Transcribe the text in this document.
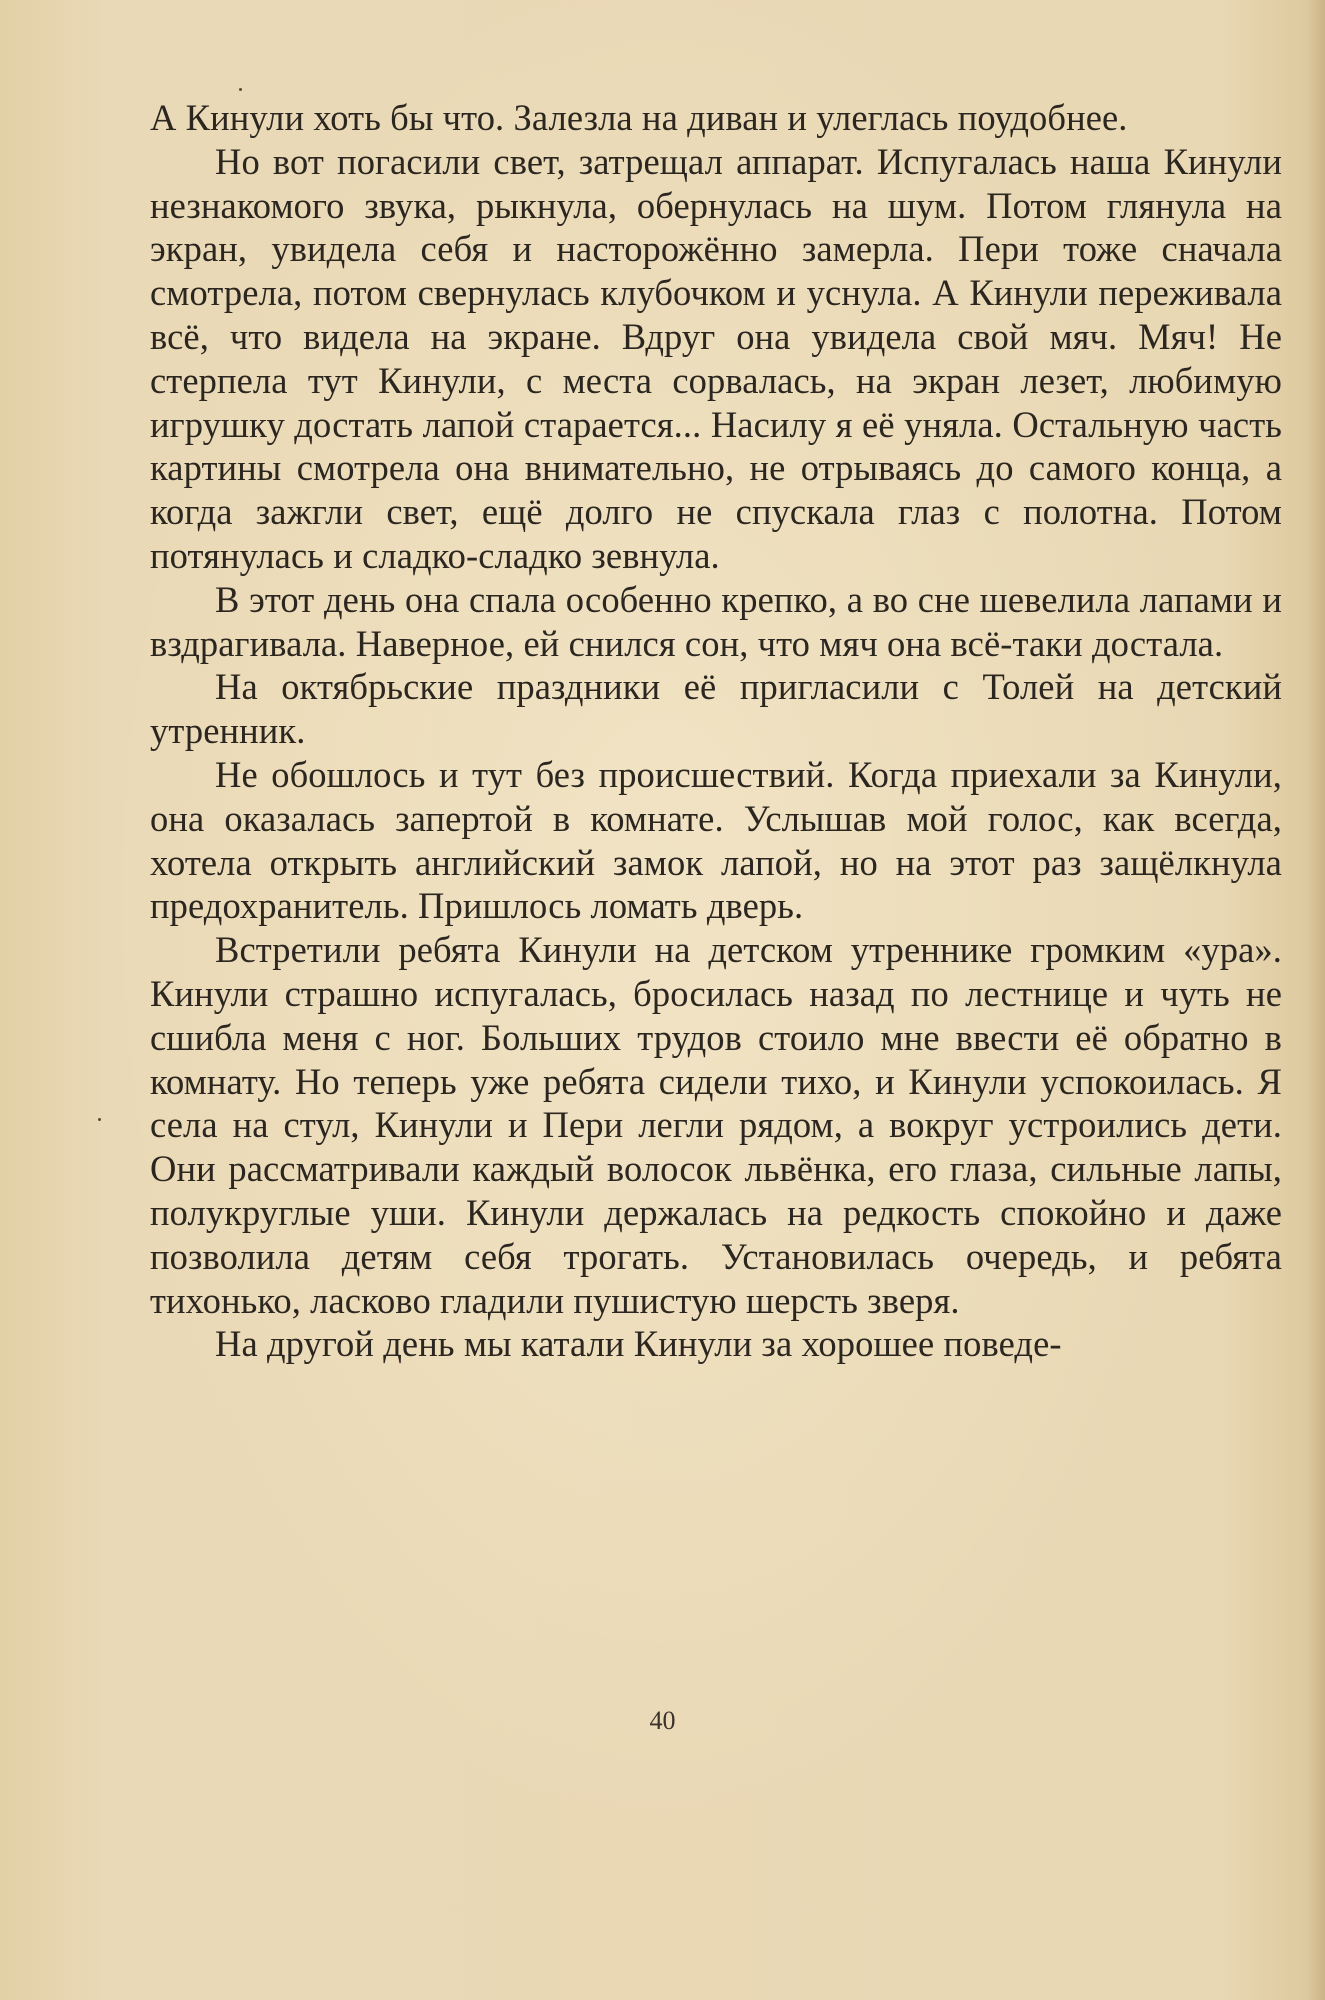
А Кинули хоть бы что. Залезла на диван и улеглась поудобнее.

Но вот погасили свет, затрещал аппарат. Испугалась наша Кинули незнакомого звука, рыкнула, обернулась на шум. Потом глянула на экран, увидела себя и насторожённо замерла. Пери тоже сначала смотрела, потом свернулась клубочком и уснула. А Кинули переживала всё, что видела на экране. Вдруг она увидела свой мяч. Мяч! Не стерпела тут Кинули, с места сорвалась, на экран лезет, любимую игрушку достать лапой старается... Насилу я её уняла. Остальную часть картины смотрела она внимательно, не отрываясь до самого конца, а когда зажгли свет, ещё долго не спускала глаз с полотна. Потом потянулась и сладко-сладко зевнула.

В этот день она спала особенно крепко, а во сне шевелила лапами и вздрагивала. Наверное, ей снился сон, что мяч она всё-таки достала.

На октябрьские праздники её пригласили с Толей на детский утренник.

Не обошлось и тут без происшествий. Когда приехали за Кинули, она оказалась запертой в комнате. Услышав мой голос, как всегда, хотела открыть английский замок лапой, но на этот раз защёлкнула предохранитель. Пришлось ломать дверь.

Встретили ребята Кинули на детском утреннике громким «ура». Кинули страшно испугалась, бросилась назад по лестнице и чуть не сшибла меня с ног. Больших трудов стоило мне ввести её обратно в комнату. Но теперь уже ребята сидели тихо, и Кинули успокоилась. Я села на стул, Кинули и Пери легли рядом, а вокруг устроились дети. Они рассматривали каждый волосок львёнка, его глаза, сильные лапы, полукруглые уши. Кинули держалась на редкость спокойно и даже позволила детям себя трогать. Установилась очередь, и ребята тихонько, ласково гладили пушистую шерсть зверя.

На другой день мы катали Кинули за хорошее поведе-

40
